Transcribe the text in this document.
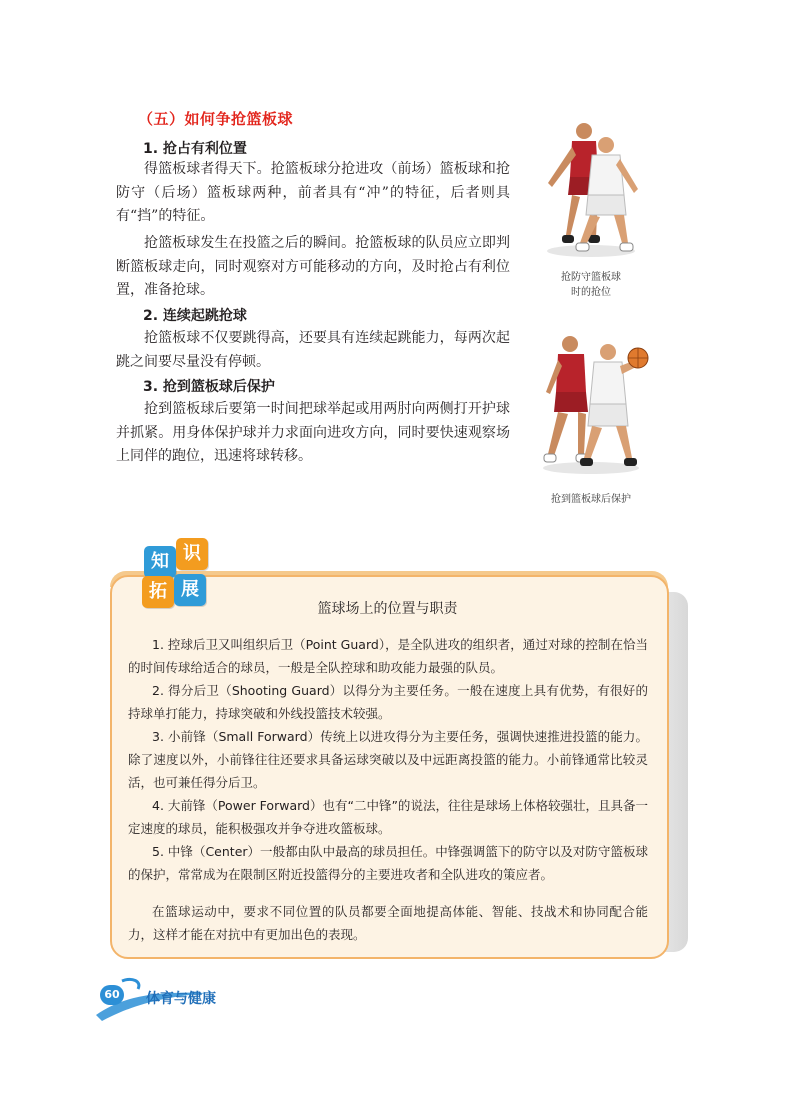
（五）如何争抢篮板球
1. 抢占有利位置
得篮板球者得天下。抢篮板球分抢进攻（前场）篮板球和抢防守（后场）篮板球两种，前者具有“冲”的特征，后者则具有“挡”的特征。
抢篮板球发生在投篮之后的瞬间。抢篮板球的队员应立即判断篮板球走向，同时观察对方可能移动的方向，及时抢占有利位置，准备抢球。
2. 连续起跳抢球
抢篮板球不仅要跳得高，还要具有连续起跳能力，每两次起跳之间要尽量没有停顿。
3. 抢到篮板球后保护
抢到篮板球后要第一时间把球举起或用两肘向两侧打开护球并抓紧。用身体保护球并力求面向进攻方向，同时要快速观察场上同伴的跑位，迅速将球转移。
抢防守篮板球
时的抢位
抢到篮板球后保护
知 识
拓 展
篮球场上的位置与职责
1. 控球后卫又叫组织后卫（Point Guard），是全队进攻的组织者，通过对球的控制在恰当的时间传球给适合的球员，一般是全队控球和助攻能力最强的队员。
2. 得分后卫（Shooting Guard）以得分为主要任务。一般在速度上具有优势，有很好的持球单打能力，持球突破和外线投篮技术较强。
3. 小前锋（Small Forward）传统上以进攻得分为主要任务，强调快速推进投篮的能力。除了速度以外，小前锋往往还要求具备运球突破以及中远距离投篮的能力。小前锋通常比较灵活，也可兼任得分后卫。
4. 大前锋（Power Forward）也有“二中锋”的说法，往往是球场上体格较强壮，且具备一定速度的球员，能积极强攻并争夺进攻篮板球。
5. 中锋（Center）一般都由队中最高的球员担任。中锋强调篮下的防守以及对防守篮板球的保护，常常成为在限制区附近投篮得分的主要进攻者和全队进攻的策应者。
在篮球运动中，要求不同位置的队员都要全面地提高体能、智能、技战术和协同配合能力，这样才能在对抗中有更加出色的表现。
60	体育与健康
